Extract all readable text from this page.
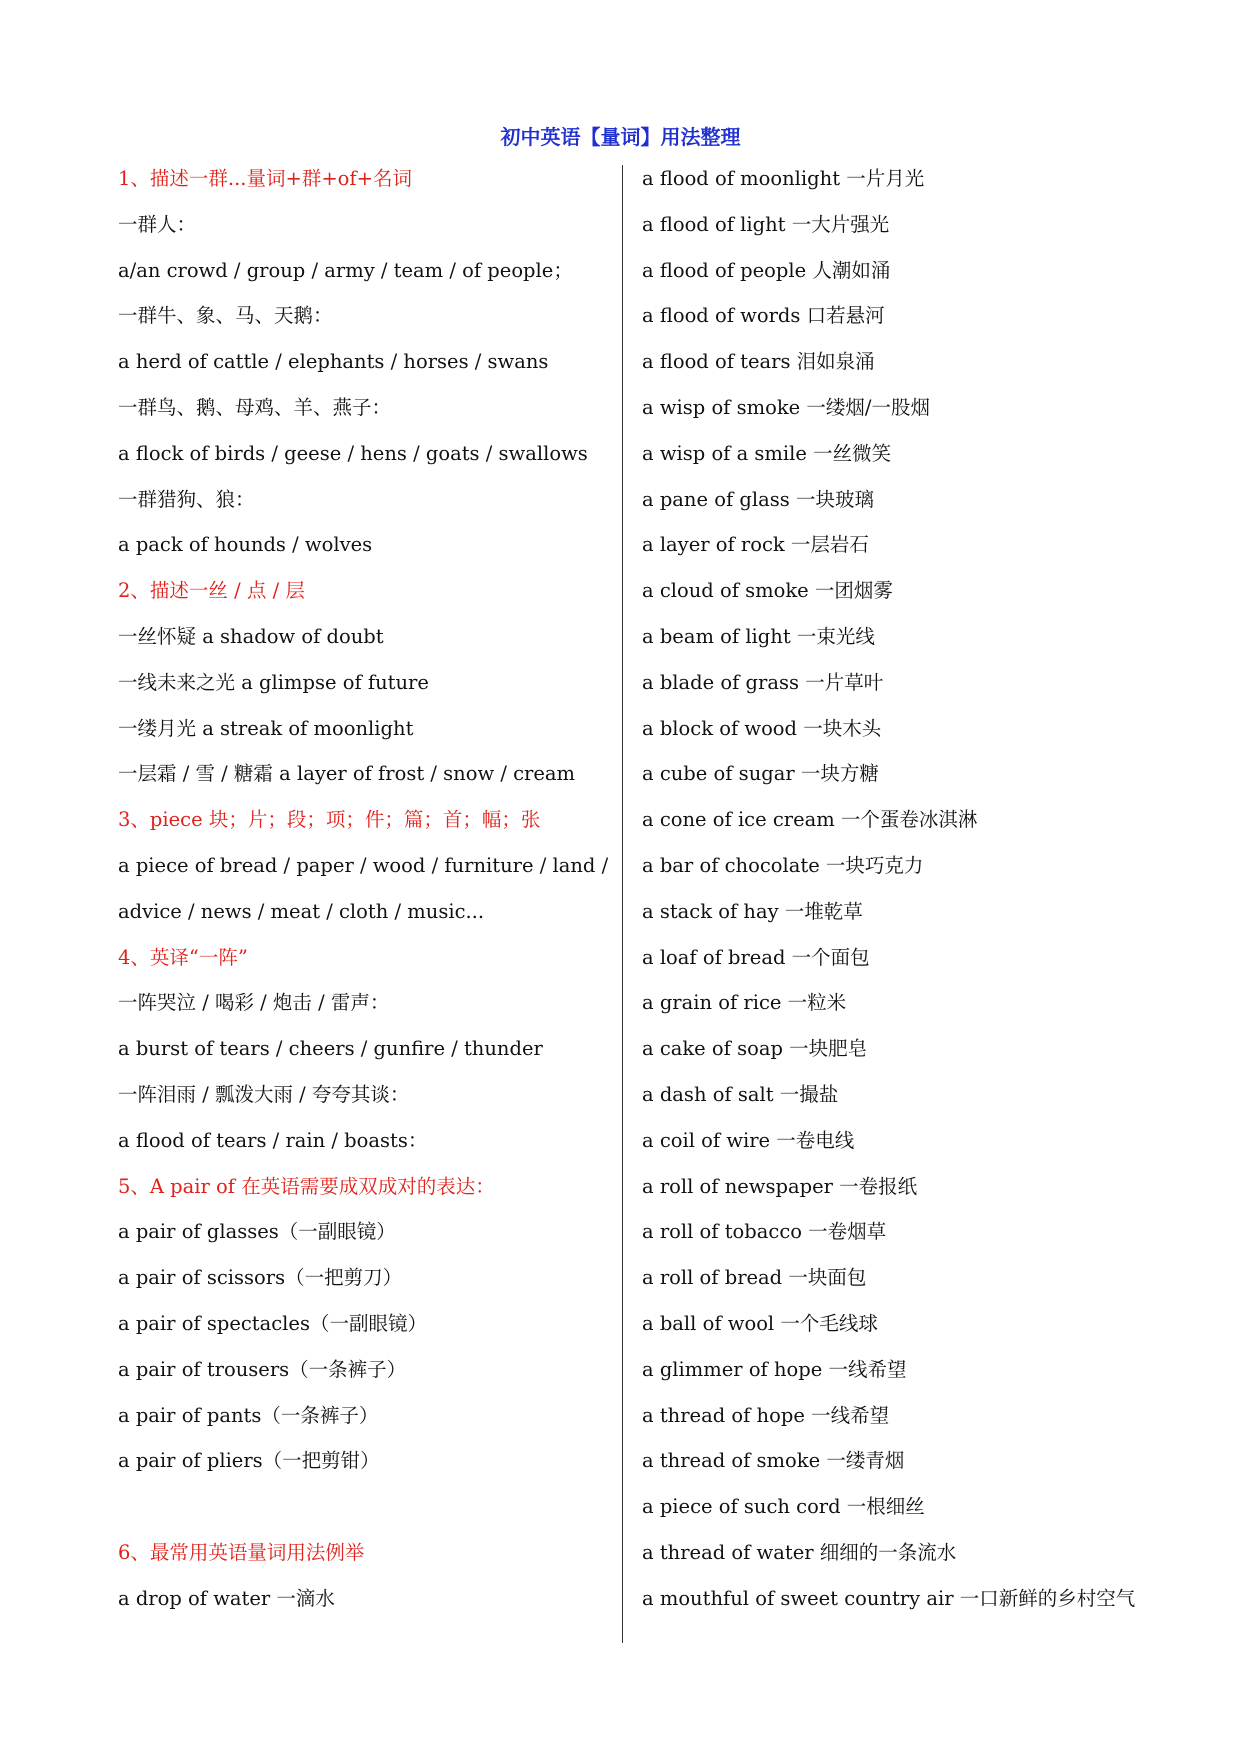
初中英语【量词】用法整理
1、描述一群...量词+群+of+名词
一群人：
a/an crowd / group / army / team / of people；
一群牛、象、马、天鹅：
a herd of cattle / elephants / horses / swans
一群鸟、鹅、母鸡、羊、燕子：
a flock of birds / geese / hens / goats / swallows
一群猎狗、狼：
a pack of hounds / wolves
2、描述一丝 / 点 / 层
一丝怀疑 a shadow of doubt
一线未来之光 a glimpse of future
一缕月光 a streak of moonlight
一层霜 / 雪 / 糖霜 a layer of frost / snow / cream
3、piece 块；片；段；项；件；篇；首；幅；张
a piece of bread / paper / wood / furniture / land /
advice / news / meat / cloth / music...
4、英译“一阵”
一阵哭泣 / 喝彩 / 炮击 / 雷声：
a burst of tears / cheers / gunfire / thunder
一阵泪雨 / 瓢泼大雨 / 夸夸其谈：
a flood of tears / rain / boasts：
5、A pair of 在英语需要成双成对的表达：
a pair of glasses（一副眼镜）
a pair of scissors（一把剪刀）
a pair of spectacles（一副眼镜）
a pair of trousers（一条裤子）
a pair of pants（一条裤子）
a pair of pliers（一把剪钳）
6、最常用英语量词用法例举
a drop of water 一滴水
a flood of moonlight 一片月光
a flood of light 一大片强光
a flood of people 人潮如涌
a flood of words 口若悬河
a flood of tears 泪如泉涌
a wisp of smoke 一缕烟/一股烟
a wisp of a smile 一丝微笑
a pane of glass 一块玻璃
a layer of rock 一层岩石
a cloud of smoke 一团烟雾
a beam of light 一束光线
a blade of grass 一片草叶
a block of wood 一块木头
a cube of sugar 一块方糖
a cone of ice cream 一个蛋卷冰淇淋
a bar of chocolate 一块巧克力
a stack of hay 一堆乾草
a loaf of bread 一个面包
a grain of rice 一粒米
a cake of soap 一块肥皂
a dash of salt 一撮盐
a coil of wire 一卷电线
a roll of newspaper 一卷报纸
a roll of tobacco 一卷烟草
a roll of bread 一块面包
a ball of wool 一个毛线球
a glimmer of hope 一线希望
a thread of hope 一线希望
a thread of smoke 一缕青烟
a piece of such cord 一根细丝
a thread of water 细细的一条流水
a mouthful of sweet country air 一口新鲜的乡村空气
